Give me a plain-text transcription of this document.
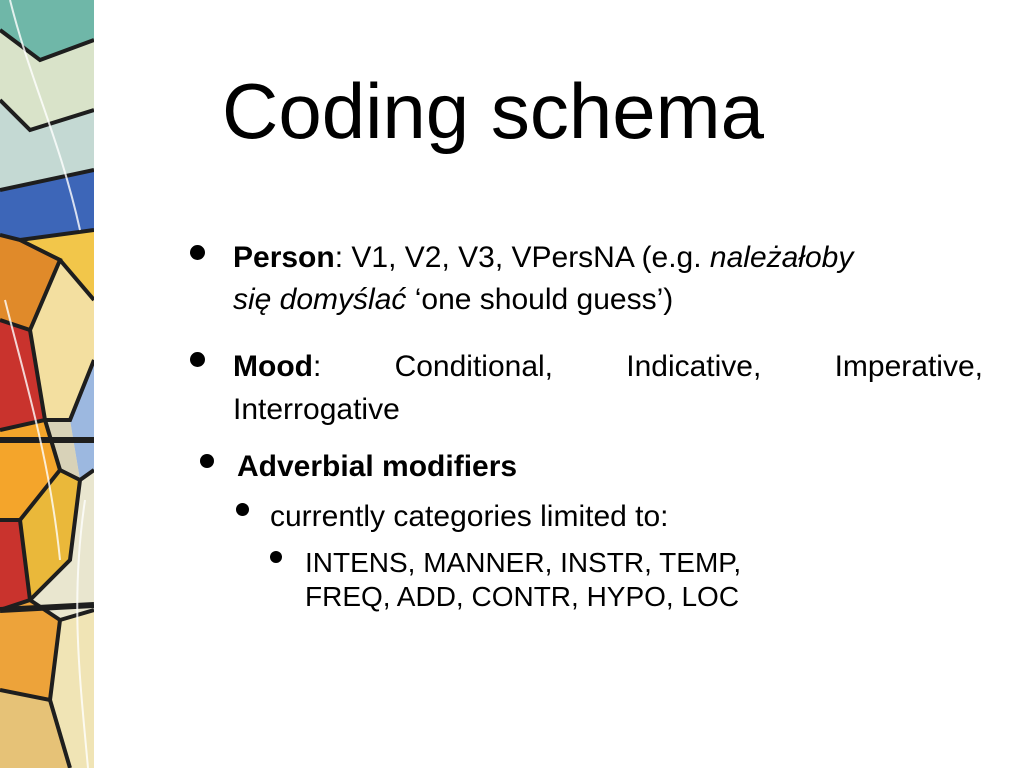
Coding schema
Person: V1, V2, V3, VPersNA (e.g. należałoby
się domyślać ‘one should guess’)
Mood: Conditional, Indicative, Imperative,
Interrogative
Adverbial modifiers
currently categories limited to:
INTENS, MANNER, INSTR, TEMP,
FREQ, ADD, CONTR, HYPO, LOC
